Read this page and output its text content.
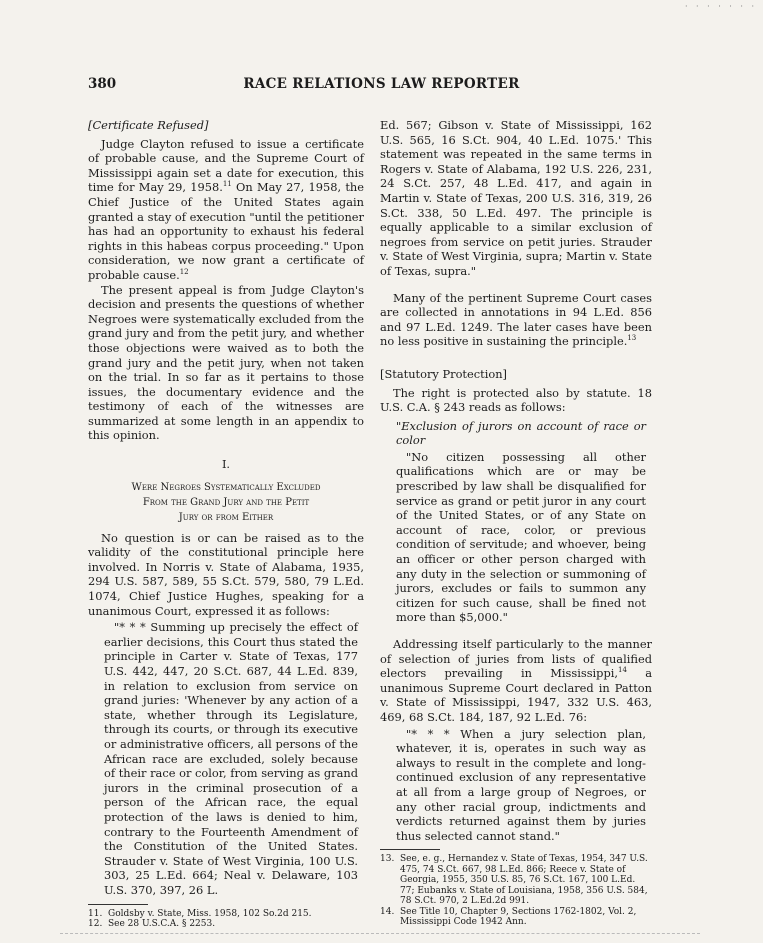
· · · · · · ·
RACE RELATIONS LAW REPORTER
380

[Certificate Refused]

Judge Clayton refused to issue a certificate of probable cause, and the Supreme Court of Mississippi again set a date for execution, this time for May 29, 1958.11 On May 27, 1958, the Chief Justice of the United States again granted a stay of execution "until the petitioner has had an opportunity to exhaust his federal rights in this habeas corpus proceeding." Upon consideration, we now grant a certificate of probable cause.$^{12}$

The present appeal is from Judge Clayton's decision and presents the questions of whether Negroes were systematically excluded from the grand jury and from the petit jury, and whether those objections were waived as to both the grand jury and the petit jury, when not taken on the trial. In so far as it pertains to those issues, the documentary evidence and the testimony of each of the witnesses are summarized at some length in an appendix to this opinion.

I.

Were Negroes Systematically Excluded
From the Grand Jury and the Petit
Jury or from Either

No question is or can be raised as to the validity of the constitutional principle here involved. In Norris v. State of Alabama, 1935, 294 U.S. 587, 589, 55 S.Ct. 579, 580, 79 L.Ed. 1074, Chief Justice Hughes, speaking for a unanimous Court, expressed it as follows:

"* * * Summing up precisely the effect of earlier decisions, this Court thus stated the principle in Carter v. State of Texas, 177 U.S. 442, 447, 20 S.Ct. 687, 44 L.Ed. 839, in relation to exclusion from service on grand juries: 'Whenever by any action of a state, whether through its Legislature, through its courts, or through its executive or administrative officers, all persons of the African race are excluded, solely because of their race or color, from serving as grand jurors in the criminal prosecution of a person of the African race, the equal protection of the laws is denied to him, contrary to the Fourteenth Amendment of the Constitution of the United States. Strauder v. State of West Virginia, 100 U.S. 303, 25 L.Ed. 664; Neal v. Delaware, 103 U.S. 370, 397, 26 L.

11. Goldsby v. State, Miss. 1958, 102 So.2d 215.
12. See 28 U.S.C.A. § 2253.

Ed. 567; Gibson v. State of Mississippi, 162 U.S. 565, 16 S.Ct. 904, 40 L.Ed. 1075.' This statement was repeated in the same terms in Rogers v. State of Alabama, 192 U.S. 226, 231, 24 S.Ct. 257, 48 L.Ed. 417, and again in Martin v. State of Texas, 200 U.S. 316, 319, 26 S.Ct. 338, 50 L.Ed. 497. The principle is equally applicable to a similar exclusion of negroes from service on petit juries. Strauder v. State of West Virginia, supra; Martin v. State of Texas, supra."

Many of the pertinent Supreme Court cases are collected in annotations in 94 L.Ed. 856 and 97 L.Ed. 1249. The later cases have been no less positive in sustaining the principle.$^{13}$

[Statutory Protection]

The right is protected also by statute. 18 U.S. C.A. § 243 reads as follows:

"Exclusion of jurors on account of race or color

"No citizen possessing all other qualifications which are or may be prescribed by law shall be disqualified for service as grand or petit juror in any court of the United States, or of any State on account of race, color, or previous condition of servitude; and whoever, being an officer or other person charged with any duty in the selection or summoning of jurors, excludes or fails to summon any citizen for such cause, shall be fined not more than $5,000."

Addressing itself particularly to the manner of selection of juries from lists of qualified electors prevailing in Mississippi,$^{14}$ a unanimous Supreme Court declared in Patton v. State of Mississippi, 1947, 332 U.S. 463, 469, 68 S.Ct. 184, 187, 92 L.Ed. 76:

"* * * When a jury selection plan, whatever, it is, operates in such way as always to result in the complete and long-continued exclusion of any representative at all from a large group of Negroes, or any other racial group, indictments and verdicts returned against them by juries thus selected cannot stand."

13. See, e. g., Hernandez v. State of Texas, 1954, 347 U.S. 475, 74 S.Ct. 667, 98 L.Ed. 866; Reece v. State of Georgia, 1955, 350 U.S. 85, 76 S.Ct. 167, 100 L.Ed. 77; Eubanks v. State of Louisiana, 1958, 356 U.S. 584, 78 S.Ct. 970, 2 L.Ed.2d 991.
14. See Title 10, Chapter 9, Sections 1762-1802, Vol. 2, Mississippi Code 1942 Ann.
